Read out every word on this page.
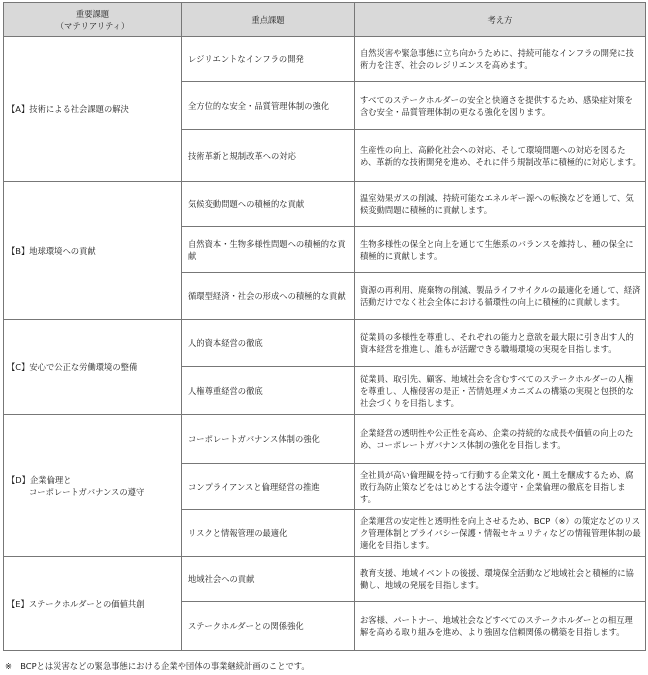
重要課題
（マテリアリティ）	重点課題	考え方
【A】技術による社会課題の解決	レジリエントなインフラの開発	自然災害や緊急事態に立ち向かうために、持続可能なインフラの開発に技術力を注ぎ、社会のレジリエンスを高めます。
	全方位的な安全・品質管理体制の強化	すべてのステークホルダーの安全と快適さを提供するため、感染症対策を含む安全・品質管理体制の更なる強化を図ります。
	技術革新と規制改革への対応	生産性の向上、高齢化社会への対応、そして環境問題への対応を図るため、革新的な技術開発を進め、それに伴う規制改革に積極的に対応します。
【B】地球環境への貢献	気候変動問題への積極的な貢献	温室効果ガスの削減、持続可能なエネルギー源への転換などを通して、気候変動問題に積極的に貢献します。
	自然資本・生物多様性問題への積極的な貢献	生物多様性の保全と向上を通じて生態系のバランスを維持し、種の保全に積極的に貢献します。
	循環型経済・社会の形成への積極的な貢献	資源の再利用、廃棄物の削減、製品ライフサイクルの最適化を通して、経済活動だけでなく社会全体における循環性の向上に積極的に貢献します。
【C】安心で公正な労働環境の整備	人的資本経営の徹底	従業員の多様性を尊重し、それぞれの能力と意欲を最大限に引き出す人的資本経営を推進し、誰もが活躍できる職場環境の実現を目指します。
	人権尊重経営の徹底	従業員、取引先、顧客、地域社会を含むすべてのステークホルダーの人権を尊重し、人権侵害の是正・苦情処理メカニズムの構築の実現と包摂的な社会づくりを目指します。
【D】企業倫理と
コーポレートガバナンスの遵守	コーポレートガバナンス体制の強化	企業経営の透明性や公正性を高め、企業の持続的な成長や価値の向上のため、コーポレートガバナンス体制の強化を目指します。
	コンプライアンスと倫理経営の推進	全社員が高い倫理観を持って行動する企業文化・風土を醸成するため、腐敗行為防止策などをはじめとする法令遵守・企業倫理の徹底を目指します。
	リスクと情報管理の最適化	企業運営の安定性と透明性を向上させるため、BCP（※）の策定などのリスク管理体制とプライバシー保護・情報セキュリティなどの情報管理体制の最適化を目指します。
【E】ステークホルダーとの価値共創	地域社会への貢献	教育支援、地域イベントの後援、環境保全活動など地域社会と積極的に協働し、地域の発展を目指します。
	ステークホルダーとの関係強化	お客様、パートナー、地域社会などすべてのステークホルダーとの相互理解を高める取り組みを進め、より強固な信頼関係の構築を目指します。
※　BCPとは災害などの緊急事態における企業や団体の事業継続計画のことです。
